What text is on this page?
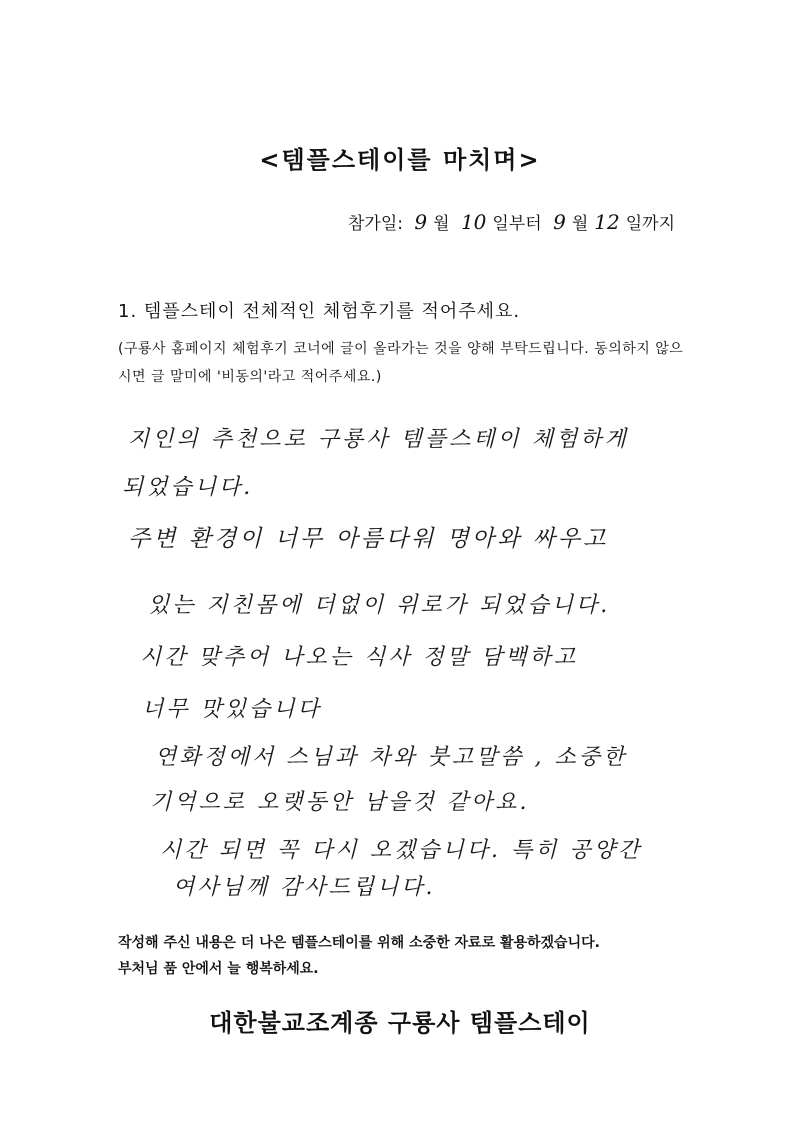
<템플스테이를 마치며>
참가일: 9 월 10 일부터 9 월 12 일까지
1. 템플스테이 전체적인 체험후기를 적어주세요.
(구룡사 홈페이지 체험후기 코너에 글이 올라가는 것을 양해 부탁드립니다. 동의하지 않으시면 글 말미에 '비동의'라고 적어주세요.)
지인의 추천으로 구룡사 템플스테이 체험하게
되었습니다.
주변 환경이 너무 아름다워 명아와 싸우고
있는 지친몸에 더없이 위로가 되었습니다.
시간 맞추어 나오는 식사 정말 담백하고
너무 맛있습니다
연화정에서 스님과 차와 붓고말씀 , 소중한
기억으로 오랫동안 남을것 같아요.
시간 되면 꼭 다시 오겠습니다. 특히 공양간
여사님께 감사드립니다.
작성해 주신 내용은 더 나은 템플스테이를 위해 소중한 자료로 활용하겠습니다.
부처님 품 안에서 늘 행복하세요.
대한불교조계종 구룡사 템플스테이
